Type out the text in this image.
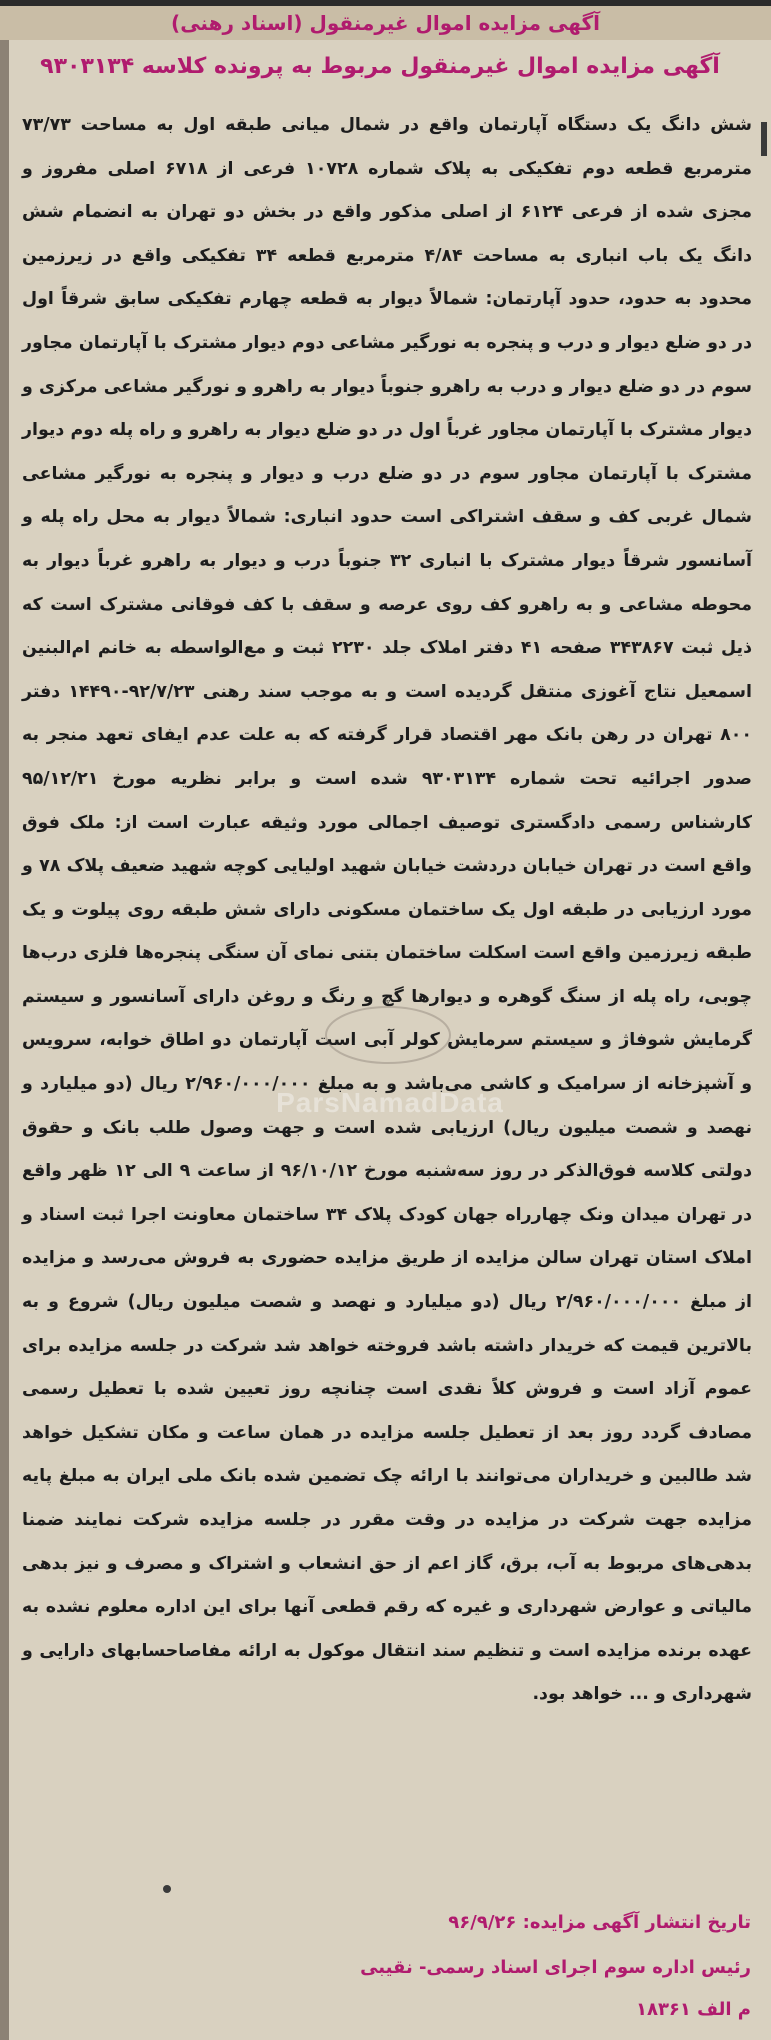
آگهی مزایده اموال غیرمنقول (اسناد رهنی)
آگهی مزایده اموال غیرمنقول مربوط به پرونده کلاسه ۹۳۰۳۱۳۴
شش دانگ یک دستگاه آپارتمان واقع در شمال میانی طبقه اول به مساحت ۷۳/۷۳ مترمربع قطعه دوم تفکیکی به پلاک شماره ۱۰۷۲۸ فرعی از ۶۷۱۸ اصلی مفروز و مجزی شده از فرعی ۶۱۲۴ از اصلی مذکور واقع در بخش دو تهران به انضمام شش دانگ یک باب انباری به مساحت ۴/۸۴ مترمربع قطعه ۳۴ تفکیکی واقع در زیرزمین محدود به حدود، حدود آپارتمان: شمالاً دیوار به قطعه چهارم تفکیکی سابق شرقاً اول در دو ضلع دیوار و درب و پنجره به نورگیر مشاعی دوم دیوار مشترک با آپارتمان مجاور سوم در دو ضلع دیوار و درب به راهرو جنوباً دیوار به راهرو و نورگیر مشاعی مرکزی و دیوار مشترک با آپارتمان مجاور غرباً اول در دو ضلع دیوار به راهرو و راه پله دوم دیوار مشترک با آپارتمان مجاور سوم در دو ضلع درب و دیوار و پنجره به نورگیر مشاعی شمال غربی کف و سقف اشتراکی است حدود انباری: شمالاً دیوار به محل راه پله و آسانسور شرقاً دیوار مشترک با انباری ۳۲ جنوباً درب و دیوار به راهرو غرباً دیوار به محوطه مشاعی و به راهرو کف روی عرصه و سقف با کف فوقانی مشترک است که ذیل ثبت ۳۴۳۸۶۷ صفحه ۴۱ دفتر املاک جلد ۲۲۳۰ ثبت و مع‌الواسطه به خانم ام‌البنین اسمعیل نتاج آغوزی منتقل گردیده است و به موجب سند رهنی ۹۲/۷/۲۳-۱۴۴۹۰ دفتر ۸۰۰ تهران در رهن بانک مهر اقتصاد قرار گرفته که به علت عدم ایفای تعهد منجر به صدور اجرائیه تحت شماره ۹۳۰۳۱۳۴ شده است و برابر نظریه مورخ ۹۵/۱۲/۲۱ کارشناس رسمی دادگستری توصیف اجمالی مورد وثیقه عبارت است از: ملک فوق واقع است در تهران خیابان دردشت خیابان شهید اولیایی کوچه شهید ضعیف پلاک ۷۸ و مورد ارزیابی در طبقه اول یک ساختمان مسکونی دارای شش طبقه روی پیلوت و یک طبقه زیرزمین واقع است اسکلت ساختمان بتنی نمای آن سنگی پنجره‌ها فلزی درب‌ها چوبی، راه پله از سنگ گوهره و دیوارها گچ و رنگ و روغن دارای آسانسور و سیستم گرمایش شوفاژ و سیستم سرمایش کولر آبی است آپارتمان دو اطاق خوابه، سرویس و آشپزخانه از سرامیک و کاشی می‌باشد و به مبلغ ۲/۹۶۰/۰۰۰/۰۰۰ ریال (دو میلیارد و نهصد و شصت میلیون ریال) ارزیابی شده است و جهت وصول طلب بانک و حقوق دولتی کلاسه فوق‌الذکر در روز سه‌شنبه مورخ ۹۶/۱۰/۱۲ از ساعت ۹ الی ۱۲ ظهر واقع در تهران میدان ونک چهارراه جهان کودک پلاک ۳۴ ساختمان معاونت اجرا ثبت اسناد و املاک استان تهران سالن مزایده از طریق مزایده حضوری به فروش می‌رسد و مزایده از مبلغ ۲/۹۶۰/۰۰۰/۰۰۰ ریال (دو میلیارد و نهصد و شصت میلیون ریال) شروع و به بالاترین قیمت که خریدار داشته باشد فروخته خواهد شد شرکت در جلسه مزایده برای عموم آزاد است و فروش کلاً نقدی است چنانچه روز تعیین شده با تعطیل رسمی مصادف گردد روز بعد از تعطیل جلسه مزایده در همان ساعت و مکان تشکیل خواهد شد طالبین و خریداران می‌توانند با ارائه چک تضمین شده بانک ملی ایران به مبلغ پایه مزایده جهت شرکت در مزایده در وقت مقرر در جلسه مزایده شرکت نمایند ضمنا بدهی‌های مربوط به آب، برق، گاز اعم از حق انشعاب و اشتراک و مصرف و نیز بدهی مالیاتی و عوارض شهرداری و غیره که رقم قطعی آنها برای این اداره معلوم نشده به عهده برنده مزایده است و تنظیم سند انتقال موکول به ارائه مفاصاحسابهای دارایی و شهرداری و ... خواهد بود.
ParsNamadData
تاریخ انتشار آگهی مزایده: ۹۶/۹/۲۶
رئیس اداره سوم اجرای اسناد رسمی- نقیبی
م الف ۱۸۳۶۱
